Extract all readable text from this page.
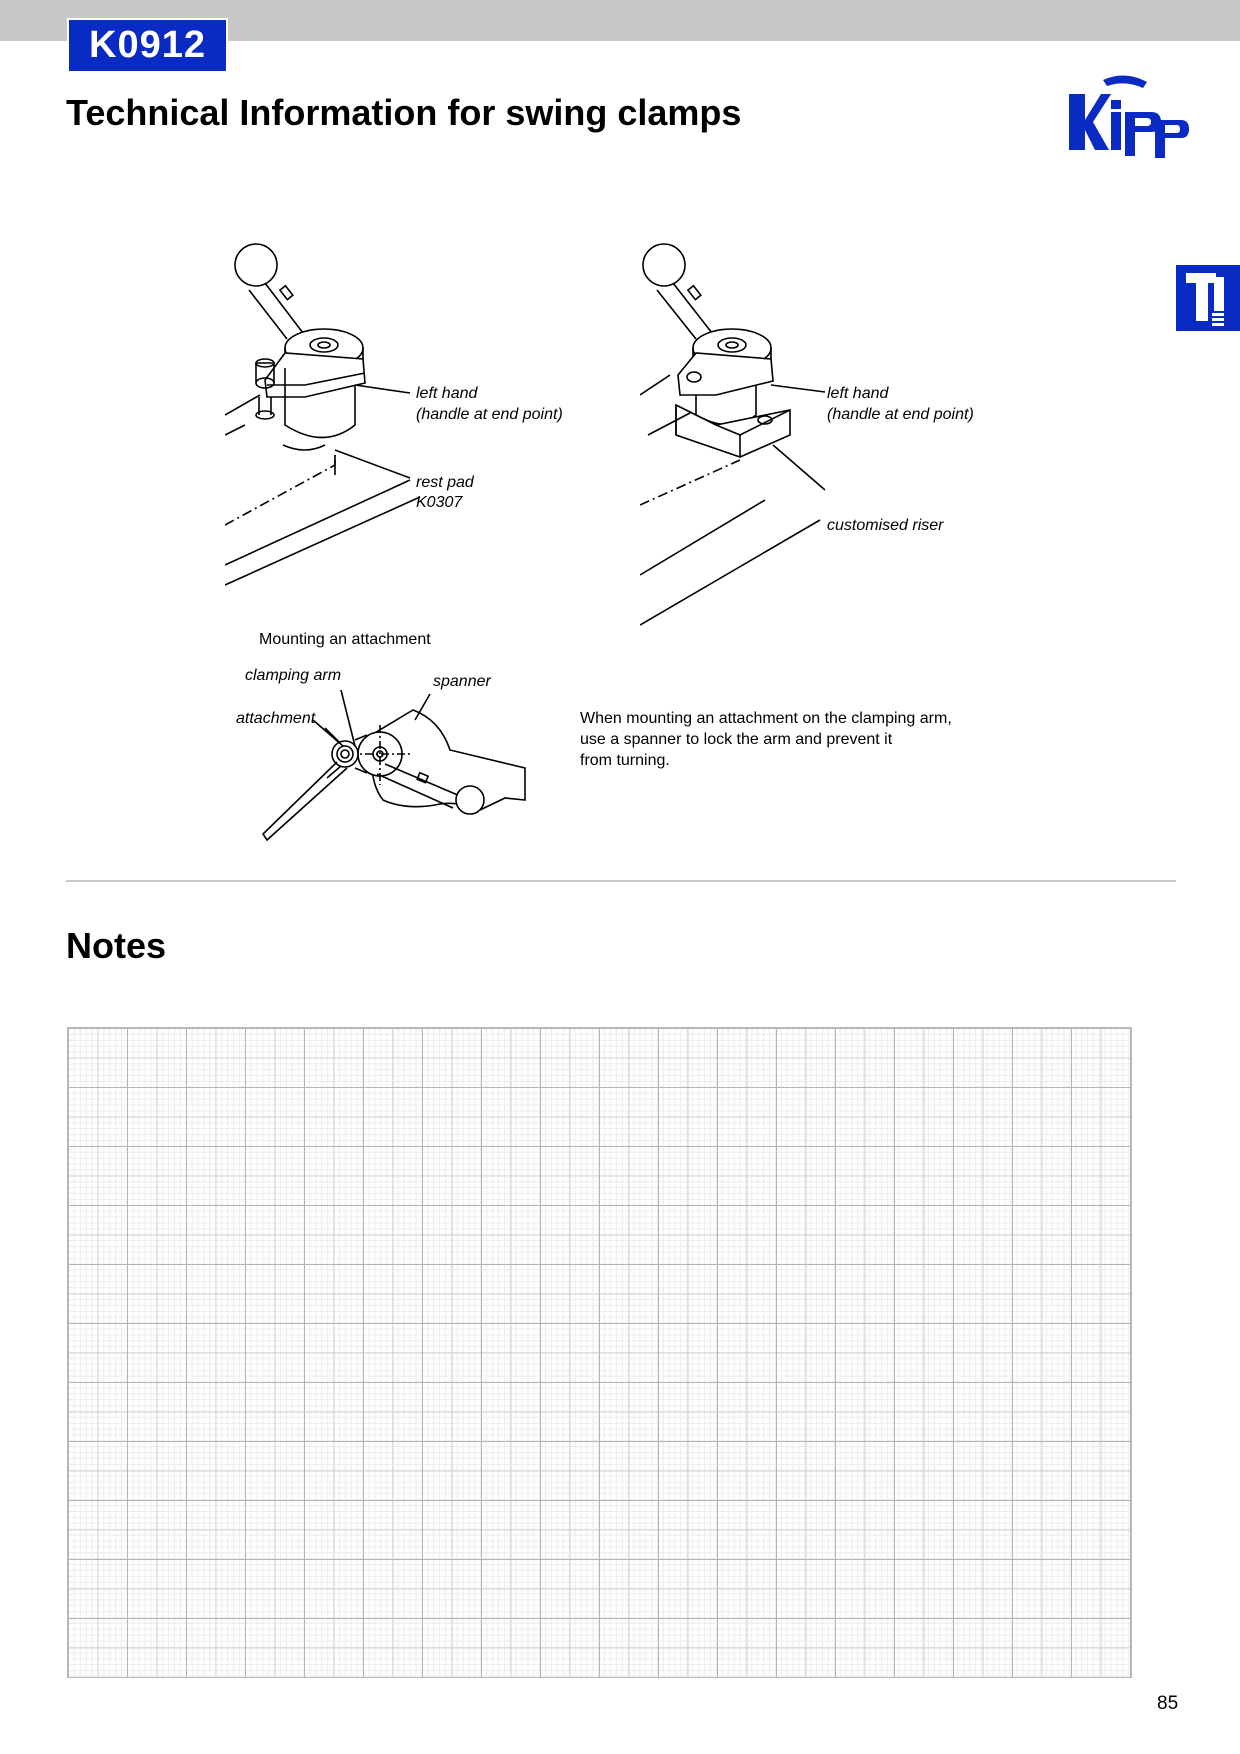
K0912
Technical Information for swing clamps
left hand
(handle at end point)
rest pad
K0307
left hand
(handle at end point)
customised riser
Mounting an attachment
clamping arm	spanner
attachment	When mounting an attachment on the clamping arm,
use a spanner to lock the arm and prevent it
from turning.
Notes
85
